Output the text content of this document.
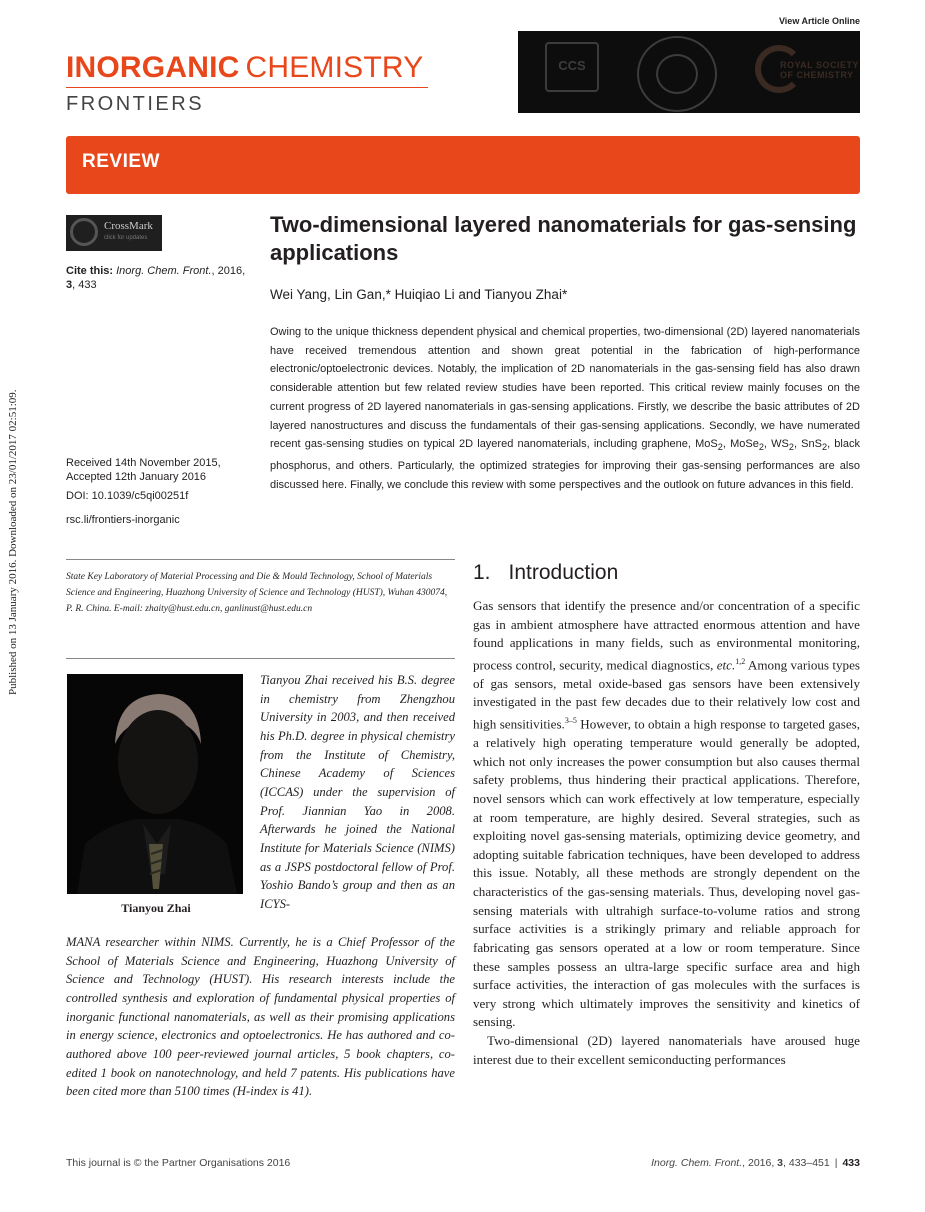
View Article Online
INORGANIC CHEMISTRY
FRONTIERS
CCS	ROYAL SOCIETY
OF CHEMISTRY
REVIEW
CrossMark
click for updates
Cite this: Inorg. Chem. Front., 2016,
3, 433
Two-dimensional layered nanomaterials for gas-sensing applications
Wei Yang, Lin Gan,* Huiqiao Li and Tianyou Zhai*
Owing to the unique thickness dependent physical and chemical properties, two-dimensional (2D) layered nanomaterials have received tremendous attention and shown great potential in the fabrication of high-performance electronic/optoelectronic devices. Notably, the implication of 2D nanomaterials in the gas-sensing field has also drawn considerable attention but few related review studies have been reported. This critical review mainly focuses on the current progress of 2D layered nanomaterials in gas-sensing applications. Firstly, we describe the basic attributes of 2D layered nanostructures and discuss the fundamentals of their gas-sensing applications. Secondly, we have numerated recent gas-sensing studies on typical 2D layered nanomaterials, including graphene, MoS$_2$, MoSe$_2$, $WS_2$, SnS$_2$, black phosphorus, and others. Particularly, the optimized strategies for improving their gas-sensing performances are also discussed here. Finally, we conclude this review with some perspectives and the outlook on future advances in this field.
Received 14th November 2015,
Accepted 12th January 2016
DOI: 10.1039/c5qi00251f
rsc.li/frontiers-inorganic
Published on 13 January 2016. Downloaded on 23/01/2017 02:51:09.	State Key Laboratory of Material Processing and Die & Mould Technology, School of Materials Science and Engineering, Huazhong University of Science and Technology (HUST), Wuhan 430074, P. R. China. E-mail: zhaity@hust.edu.cn, ganlinust@hust.edu.cn
Tianyou Zhai
Tianyou Zhai received his B.S. degree in chemistry from Zhengzhou University in 2003, and then received his Ph.D. degree in physical chemistry from the Institute of Chemistry, Chinese Academy of Sciences (ICCAS) under the supervision of Prof. Jiannian Yao in 2008. Afterwards he joined the National Institute for Materials Science (NIMS) as a JSPS postdoctoral fellow of Prof. Yoshio Bando’s group and then as an ICYS-
MANA researcher within NIMS. Currently, he is a Chief Professor of the School of Materials Science and Engineering, Huazhong University of Science and Technology (HUST). His research interests include the controlled synthesis and exploration of fundamental physical properties of inorganic functional nanomaterials, as well as their promising applications in energy science, electronics and optoelectronics. He has authored and co-authored above 100 peer-reviewed journal articles, 5 book chapters, co-edited 1 book on nanotechnology, and held 7 patents. His publications have been cited more than 5100 times (H-index is 41).
1. Introduction

Gas sensors that identify the presence and/or concentration of a specific gas in ambient atmosphere have attracted enormous attention and have found applications in many fields, such as environmental monitoring, process control, security, medical diagnostics, etc.$^{1,2}$ Among various types of gas sensors, metal oxide-based gas sensors have been extensively investigated in the past few decades due to their relatively low cost and high sensitivities.$^{3-5}$ However, to obtain a high response to targeted gases, a relatively high operating temperature would generally be adopted, which not only increases the power consumption but also causes thermal safety problems, thus hindering their practical applications. Therefore, novel sensors which can work effectively at low temperature, especially at room temperature, are highly desired. Several strategies, such as exploiting novel gas-sensing materials, optimizing device geometry, and adopting suitable fabrication techniques, have been developed to address this issue. Notably, all these methods are strongly dependent on the characteristics of the gas-sensing materials. Thus, developing novel gas-sensing materials with ultrahigh surface-to-volume ratios and strong surface activities is a strikingly primary and reliable approach for fabricating gas sensors operated at a low or room temperature. Since these samples possess an ultra-large specific surface area and high surface activities, the interaction of gas molecules with the surfaces is very strong which ultimately improves the sensitivity and kinetics of sensing.

Two-dimensional (2D) layered nanomaterials have aroused huge interest due to their excellent semiconducting performances

This journal is © the Partner Organisations 2016	Inorg. Chem. Front., 2016, 3, 433–451 | 433
